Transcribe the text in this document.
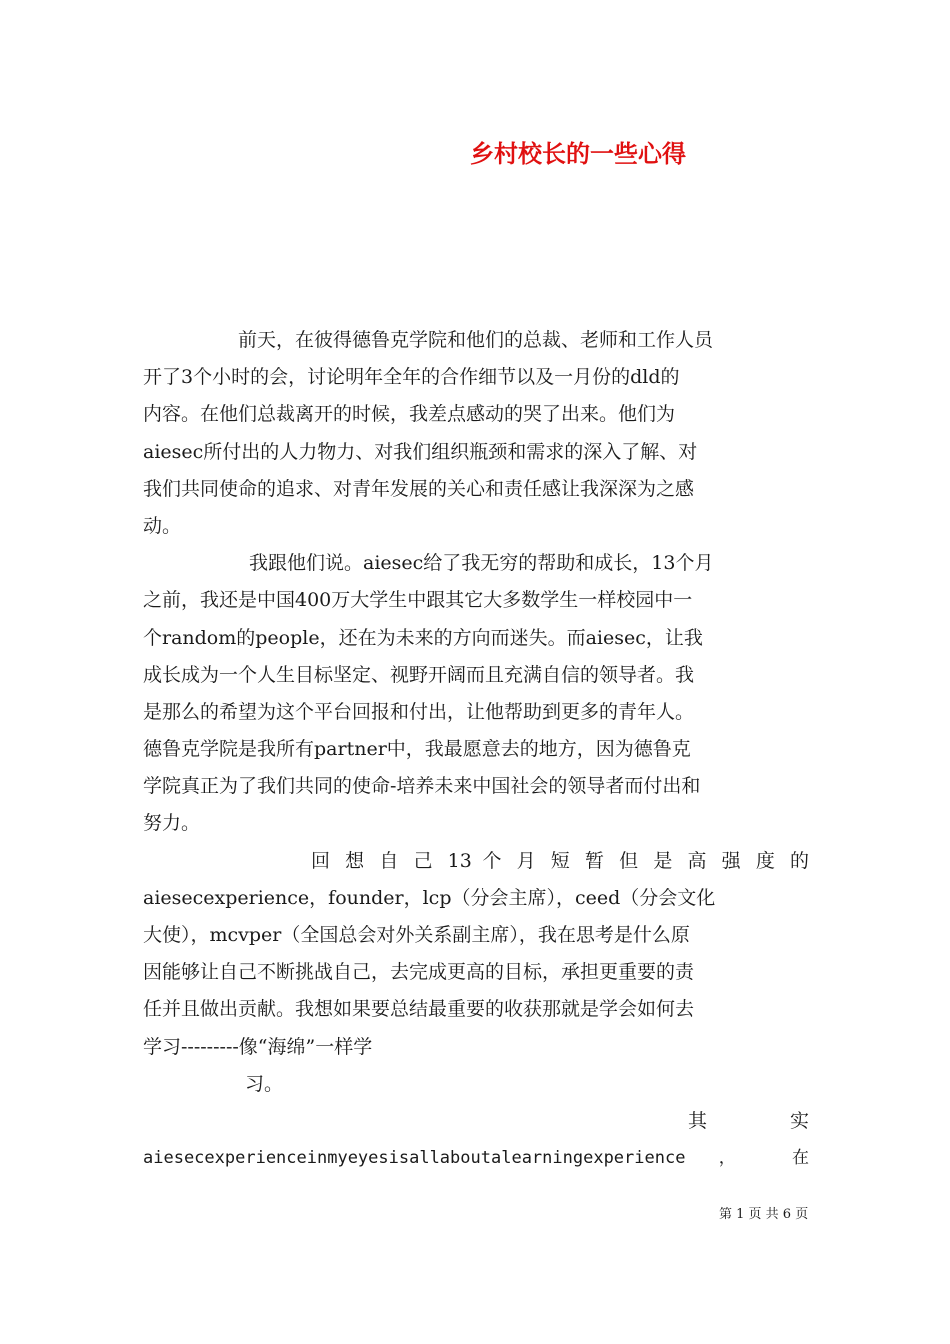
乡村校长的一些心得
前天，在彼得德鲁克学院和他们的总裁、老师和工作人员
开了3个小时的会，讨论明年全年的合作细节以及一月份的dld的
内容。在他们总裁离开的时候，我差点感动的哭了出来。他们为
aiesec所付出的人力物力、对我们组织瓶颈和需求的深入了解、对
我们共同使命的追求、对青年发展的关心和责任感让我深深为之感
动。
我跟他们说。aiesec给了我无穷的帮助和成长，13个月
之前，我还是中国400万大学生中跟其它大多数学生一样校园中一
个random的people，还在为未来的方向而迷失。而aiesec，让我
成长成为一个人生目标坚定、视野开阔而且充满自信的领导者。我
是那么的希望为这个平台回报和付出，让他帮助到更多的青年人。
德鲁克学院是我所有partner中，我最愿意去的地方，因为德鲁克
学院真正为了我们共同的使命-培养未来中国社会的领导者而付出和
努力。
回 想 自 己 13 个 月 短 暂 但 是 高 强 度 的
aiesecexperience，founder，lcp（分会主席），ceed（分会文化
大使），mcvper（全国总会对外关系副主席），我在思考是什么原
因能够让自己不断挑战自己，去完成更高的目标，承担更重要的责
任并且做出贡献。我想如果要总结最重要的收获那就是学会如何去
学习---------像“海绵”一样学
习。
其 实
aiesecexperienceinmyeyesisallaboutalearningexperience ， 在
第 1 页 共 6 页
